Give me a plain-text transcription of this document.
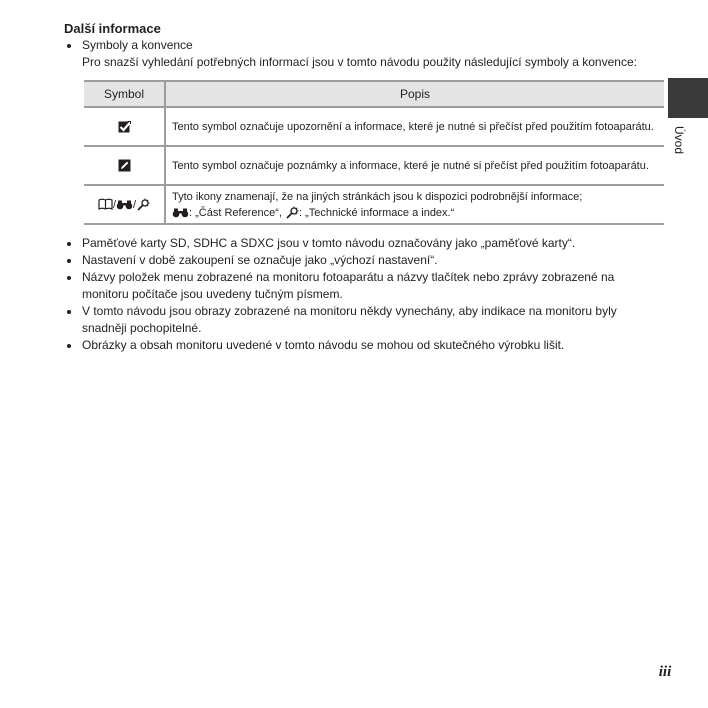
Další informace
Symboly a konvence
Pro snazší vyhledání potřebných informací jsou v tomto návodu použity následující symboly a konvence:
Symbol	Popis
	Tento symbol označuje upozornění a informace, které je nutné si přečíst před použitím fotoaparátu.
	Tento symbol označuje poznámky a informace, které je nutné si přečíst před použitím fotoaparátu.
/ /	Tyto ikony znamenají, že na jiných stránkách jsou k dispozici podrobnější informace;
: „Část Reference“, : „Technické informace a index.“
Paměťové karty SD, SDHC a SDXC jsou v tomto návodu označovány jako „paměťové karty“.
Nastavení v době zakoupení se označuje jako „výchozí nastavení“.
Názvy položek menu zobrazené na monitoru fotoaparátu a názvy tlačítek nebo zprávy zobrazené na monitoru počítače jsou uvedeny tučným písmem.
V tomto návodu jsou obrazy zobrazené na monitoru někdy vynechány, aby indikace na monitoru byly snadněji pochopitelné.
Obrázky a obsah monitoru uvedené v tomto návodu se mohou od skutečného výrobku lišit.
Úvod
iii
